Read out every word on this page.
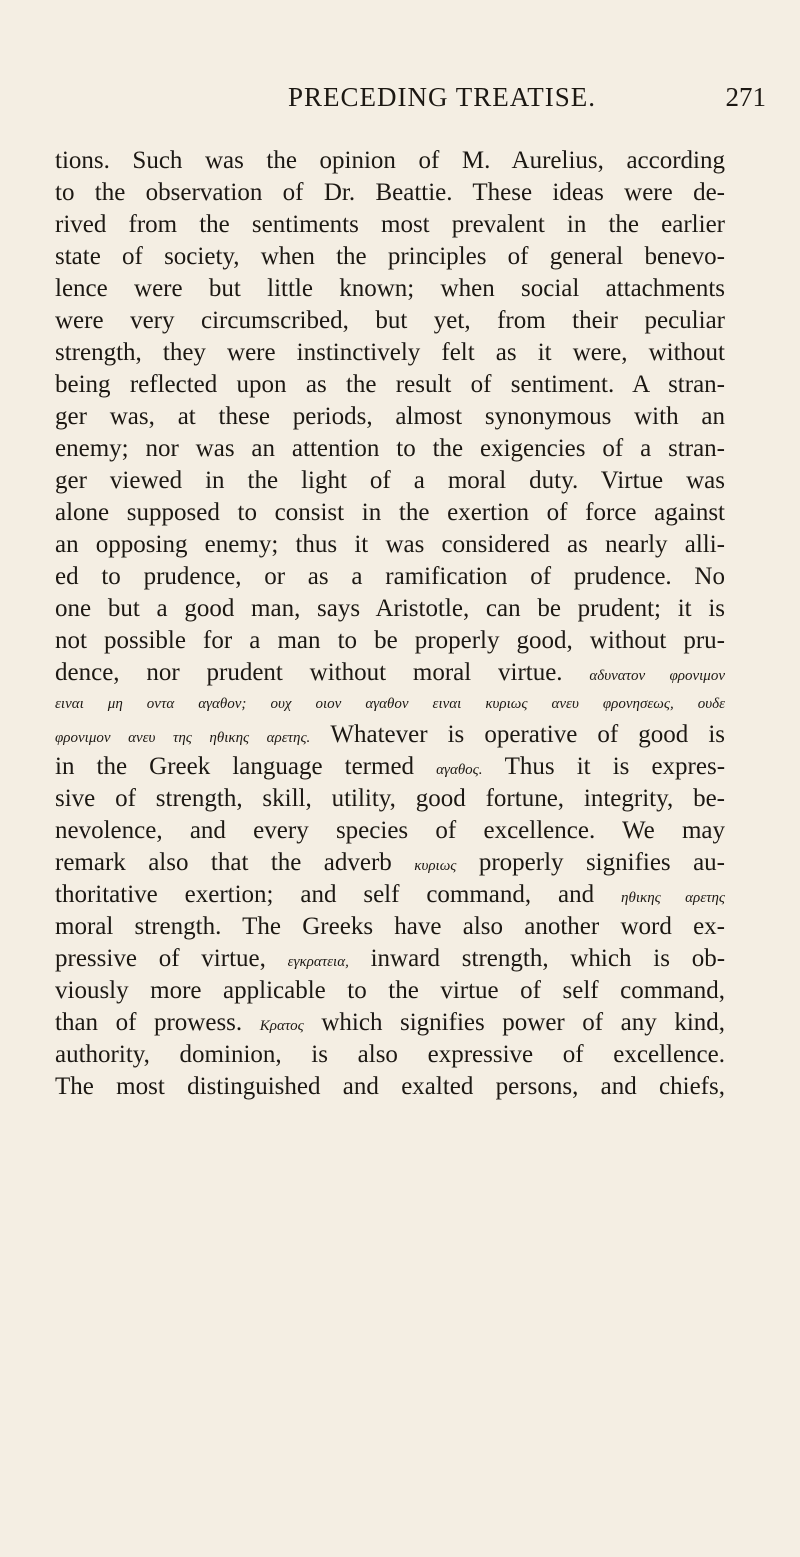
PRECEDING TREATISE.	271
tions. Such was the opinion of M. Aurelius, according
to the observation of Dr. Beattie. These ideas were de-
rived from the sentiments most prevalent in the earlier
state of society, when the principles of general benevo-
lence were but little known; when social attachments
were very circumscribed, but yet, from their peculiar
strength, they were instinctively felt as it were, without
being reflected upon as the result of sentiment. A stran-
ger was, at these periods, almost synonymous with an
enemy; nor was an attention to the exigencies of a stran-
ger viewed in the light of a moral duty. Virtue was
alone supposed to consist in the exertion of force against
an opposing enemy; thus it was considered as nearly alli-
ed to prudence, or as a ramification of prudence. No
one but a good man, says Aristotle, can be prudent; it is
not possible for a man to be properly good, without pru-
dence, nor prudent without moral virtue. αδυνατον φρονιμον
ειναι μη οντα αγαθον; ουχ οιον αγαθον ειναι κυριως ανευ φρονησεως, ουδε
φρονιμον ανευ της ηθικης αρετης. Whatever is operative of good is
in the Greek language termed αγαθος. Thus it is expres-
sive of strength, skill, utility, good fortune, integrity, be-
nevolence, and every species of excellence. We may
remark also that the adverb κυριως properly signifies au-
thoritative exertion; and self command, and ηθικης αρετης
moral strength. The Greeks have also another word ex-
pressive of virtue, εγκρατεια, inward strength, which is ob-
viously more applicable to the virtue of self command,
than of prowess. Κρατος which signifies power of any kind,
authority, dominion, is also expressive of excellence.
The most distinguished and exalted persons, and chiefs,
